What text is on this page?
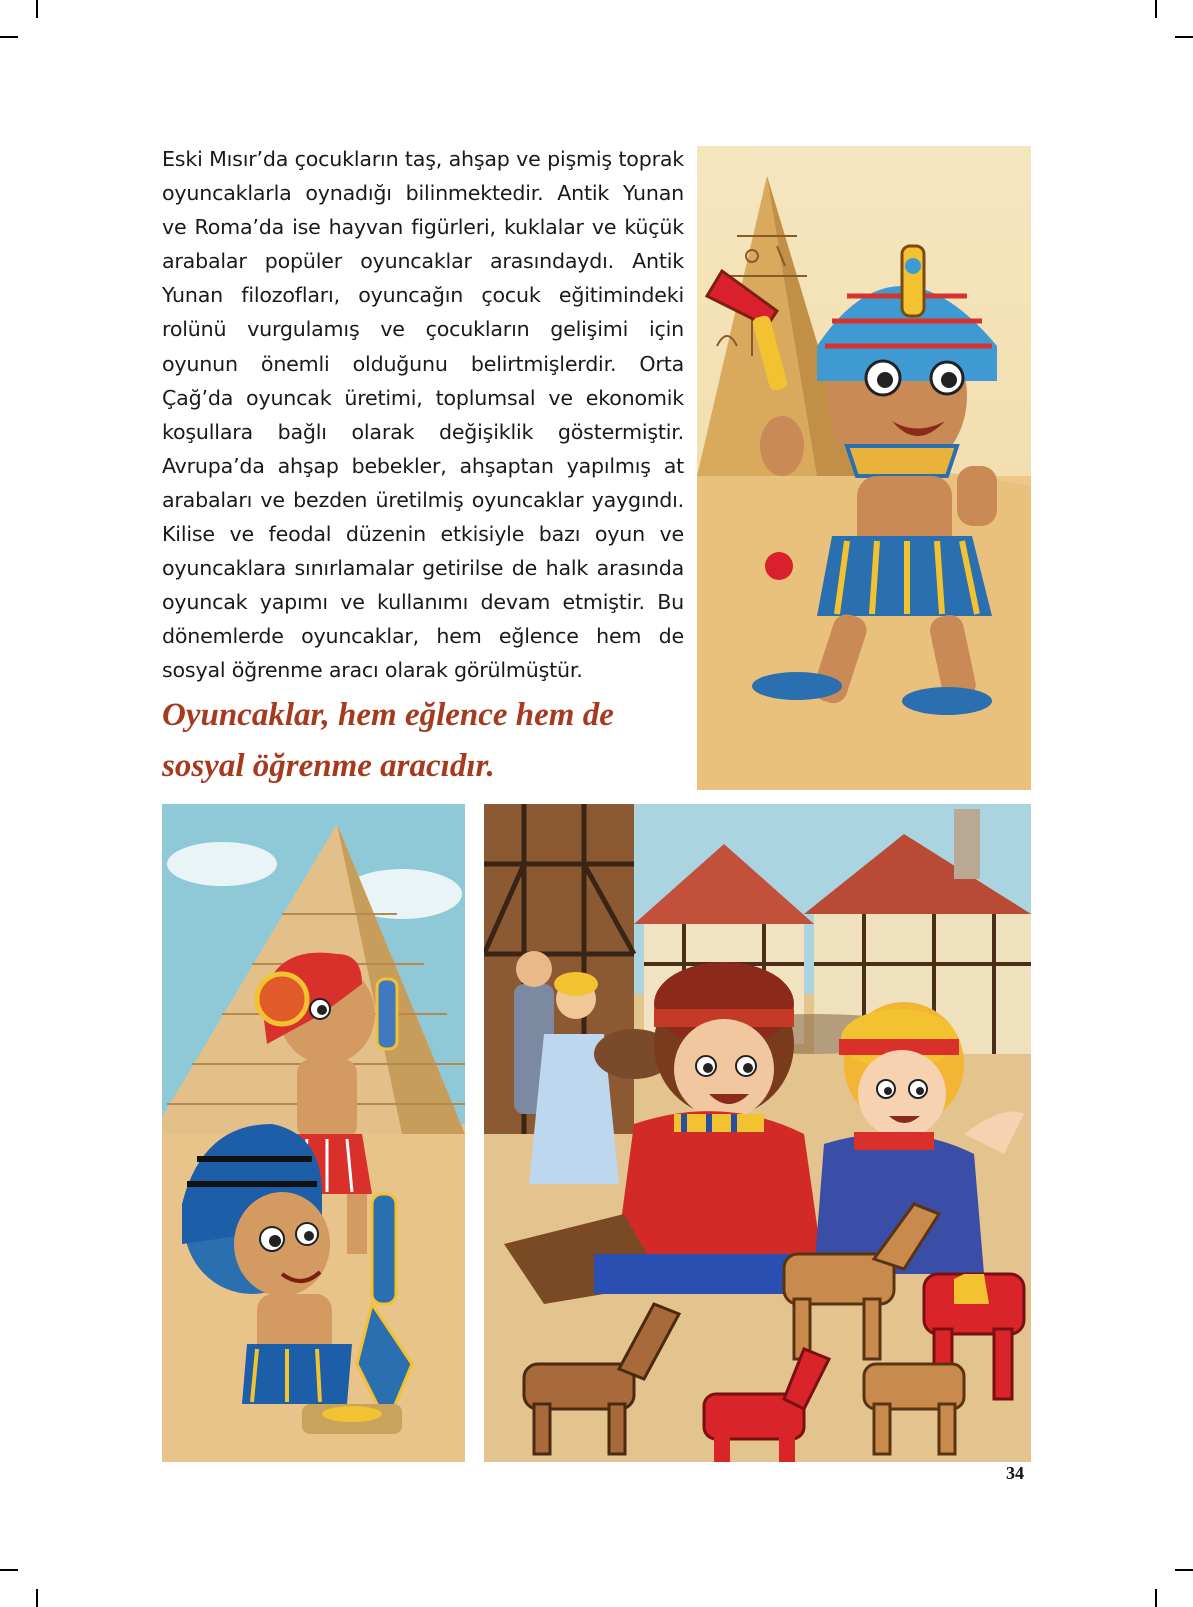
Eski Mısır’da çocukların taş, ahşap ve pişmiş toprak oyuncaklarla oynadığı bilinmektedir. Antik Yunan ve Roma’da ise hayvan figürleri, kuklalar ve küçük arabalar popüler oyuncaklar arasındaydı. Antik Yunan filozofları, oyuncağın çocuk eğitimindeki rolünü vurgulamış ve çocukların gelişimi için oyunun önemli olduğunu belirtmişlerdir. Orta Çağ’da oyuncak üretimi, toplumsal ve ekonomik koşullara bağlı olarak değişiklik göstermiştir. Avrupa’da ahşap bebekler, ahşaptan yapılmış at arabaları ve bezden üretilmiş oyuncaklar yaygındı. Kilise ve feodal düzenin etkisiyle bazı oyun ve oyuncaklara sınırlamalar getirilse de halk arasında oyuncak yapımı ve kullanımı devam etmiştir. Bu dönemlerde oyuncaklar, hem eğlence hem de sosyal öğrenme aracı olarak görülmüştür.

Oyuncaklar, hem eğlence hem de
sosyal öğrenme aracıdır.
34
